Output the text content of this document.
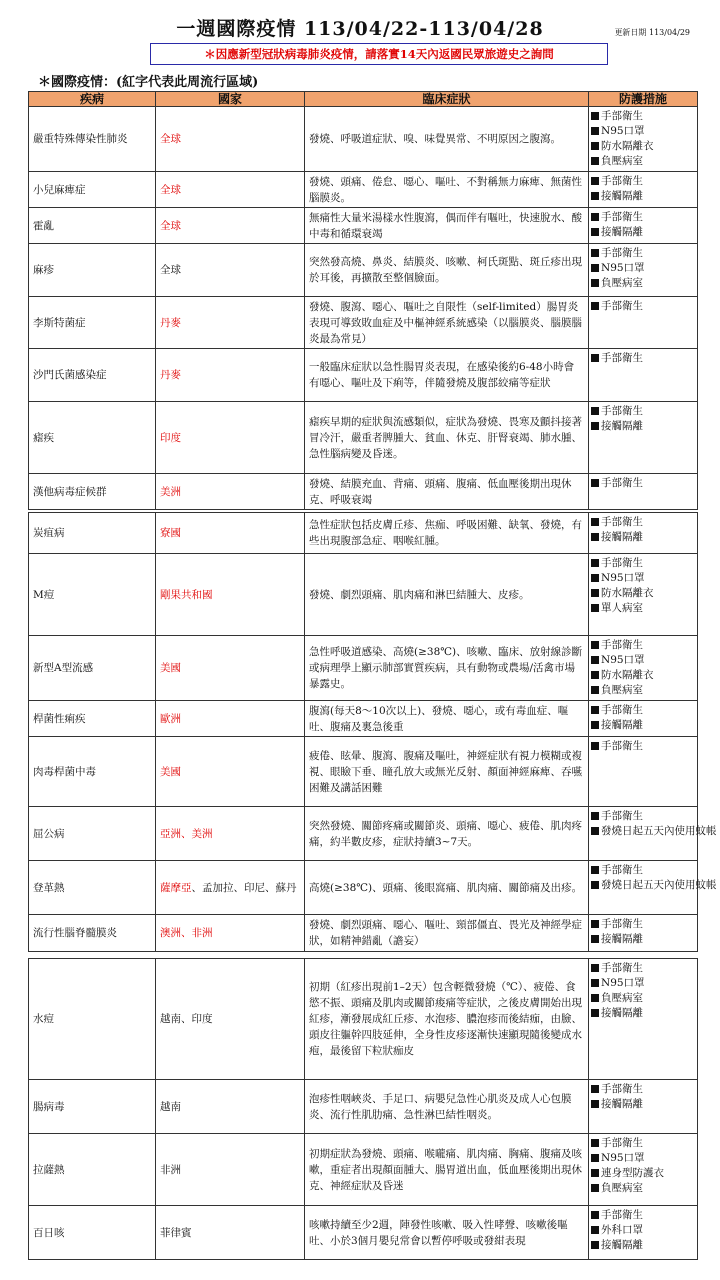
一週國際疫情 113/04/22-113/04/28	更新日期 113/04/29
＊因應新型冠狀病毒肺炎疫情，請落實14天內返國民眾旅遊史之詢問
＊國際疫情：(紅字代表此周流行區域)
疾病	國家	臨床症狀	防護措施
嚴重特殊傳染性肺炎	全球	發燒、呼吸道症狀、嗅、味覺異常、不明原因之腹瀉。	手部衛生
N95口罩
防水隔離衣
負壓病室

小兒麻痺症	全球	發燒、頭痛、倦怠、噁心、嘔吐、不對稱無力麻痺、無菌性腦膜炎。	手部衛生
接觸隔離

霍亂	全球	無痛性大量米湯樣水性腹瀉，偶而伴有嘔吐，快速脫水、酸中毒和循環衰竭	手部衛生
接觸隔離

麻疹	全球	突然發高燒、鼻炎、結膜炎、咳嗽、柯氏斑點、斑丘疹出現於耳後，再擴散至整個臉面。	手部衛生
N95口罩
負壓病室

李斯特菌症	丹麥	發燒、腹瀉、噁心、嘔吐之自限性（self-limited）腸胃炎表現可導致敗血症及中樞神經系統感染（以腦膜炎、腦膜腦炎最為常見）	手部衛生

沙門氏菌感染症	丹麥	一般臨床症狀以急性腸胃炎表現，在感染後約6-48小時會有噁心、嘔吐及下痢等，伴隨發燒及腹部絞痛等症狀	手部衛生

瘧疾	印度	瘧疾早期的症狀與流感類似，症狀為發燒、畏寒及顫抖接著冒冷汗，嚴重者脾腫大、貧血、休克、肝腎衰竭、肺水腫、急性腦病變及昏迷。	手部衛生
接觸隔離

漢他病毒症候群	美洲	發燒、結膜充血、背痛、頭痛、腹痛、低血壓後期出現休克、呼吸衰竭	手部衛生
炭疽病	寮國	急性症狀包括皮膚丘疹、焦痂、呼吸困難、缺氧、發燒，有些出現腹部急症、咽喉紅腫。	手部衛生
接觸隔離

M痘	剛果共和國	發燒、劇烈頭痛、肌肉痛和淋巴結腫大、皮疹。	手部衛生
N95口罩
防水隔離衣
單人病室

新型A型流感	美國	急性呼吸道感染、高燒(≥38℃)、咳嗽、臨床、放射線診斷或病理學上顯示肺部實質疾病，具有動物或農場/活禽市場暴露史。	手部衛生
N95口罩
防水隔離衣
負壓病室

桿菌性痢疾	歐洲	腹瀉(每天8～10次以上)、發燒、噁心，或有毒血症、嘔吐、腹痛及裏急後重	手部衛生
接觸隔離

肉毒桿菌中毒	美國	疲倦、眩暈、腹瀉、腹痛及嘔吐，神經症狀有視力模糊或複視、眼瞼下垂、瞳孔放大或無光反射、顏面神經麻痺、吞嚥困難及講話困難	手部衛生

屈公病	亞洲、美洲	突然發燒、關節疼痛或關節炎、頭痛、噁心、疲倦、肌肉疼痛，約半數皮疹，症狀持續3~7天。	手部衛生
發燒日起五天內使用蚊帳

登革熱	薩摩亞、孟加拉、印尼、蘇丹	高燒(≥38℃)、頭痛、後眼窩痛、肌肉痛、關節痛及出疹。	手部衛生
發燒日起五天內使用蚊帳

流行性腦脊髓膜炎	澳洲、非洲	發燒、劇烈頭痛、噁心、嘔吐、頸部僵直、畏光及神經學症狀，如精神錯亂（譫妄）	手部衛生
接觸隔離
水痘	越南、印度	初期（紅疹出現前1–2天）包含輕微發燒（℃）、疲倦、食慾不振、頭痛及肌肉或關節痠痛等症狀，之後皮膚開始出現紅疹，漸發展成紅丘疹、水泡疹、膿泡疹而後結痂，由臉、頭皮往軀幹四肢延伸，全身性皮疹逐漸快速顯現隨後變成水疱，最後留下粒狀痂皮	手部衛生
N95口罩
負壓病室
接觸隔離

腸病毒	越南	泡疹性咽峽炎、手足口、病嬰兒急性心肌炎及成人心包膜炎、流行性肌肋痛、急性淋巴結性咽炎。	手部衛生
接觸隔離

拉薩熱	非洲	初期症狀為發燒、頭痛、喉嚨痛、肌肉痛、胸痛、腹痛及咳嗽，重症者出現顏面腫大、腸胃道出血，低血壓後期出現休克、神經症狀及昏迷	手部衛生
N95口罩
連身型防護衣
負壓病室

百日咳	菲律賓	咳嗽持續至少2週，陣發性咳嗽、吸入性哮聲、咳嗽後嘔吐、小於3個月嬰兒常會以暫停呼吸或發紺表現	手部衛生
外科口罩
接觸隔離
